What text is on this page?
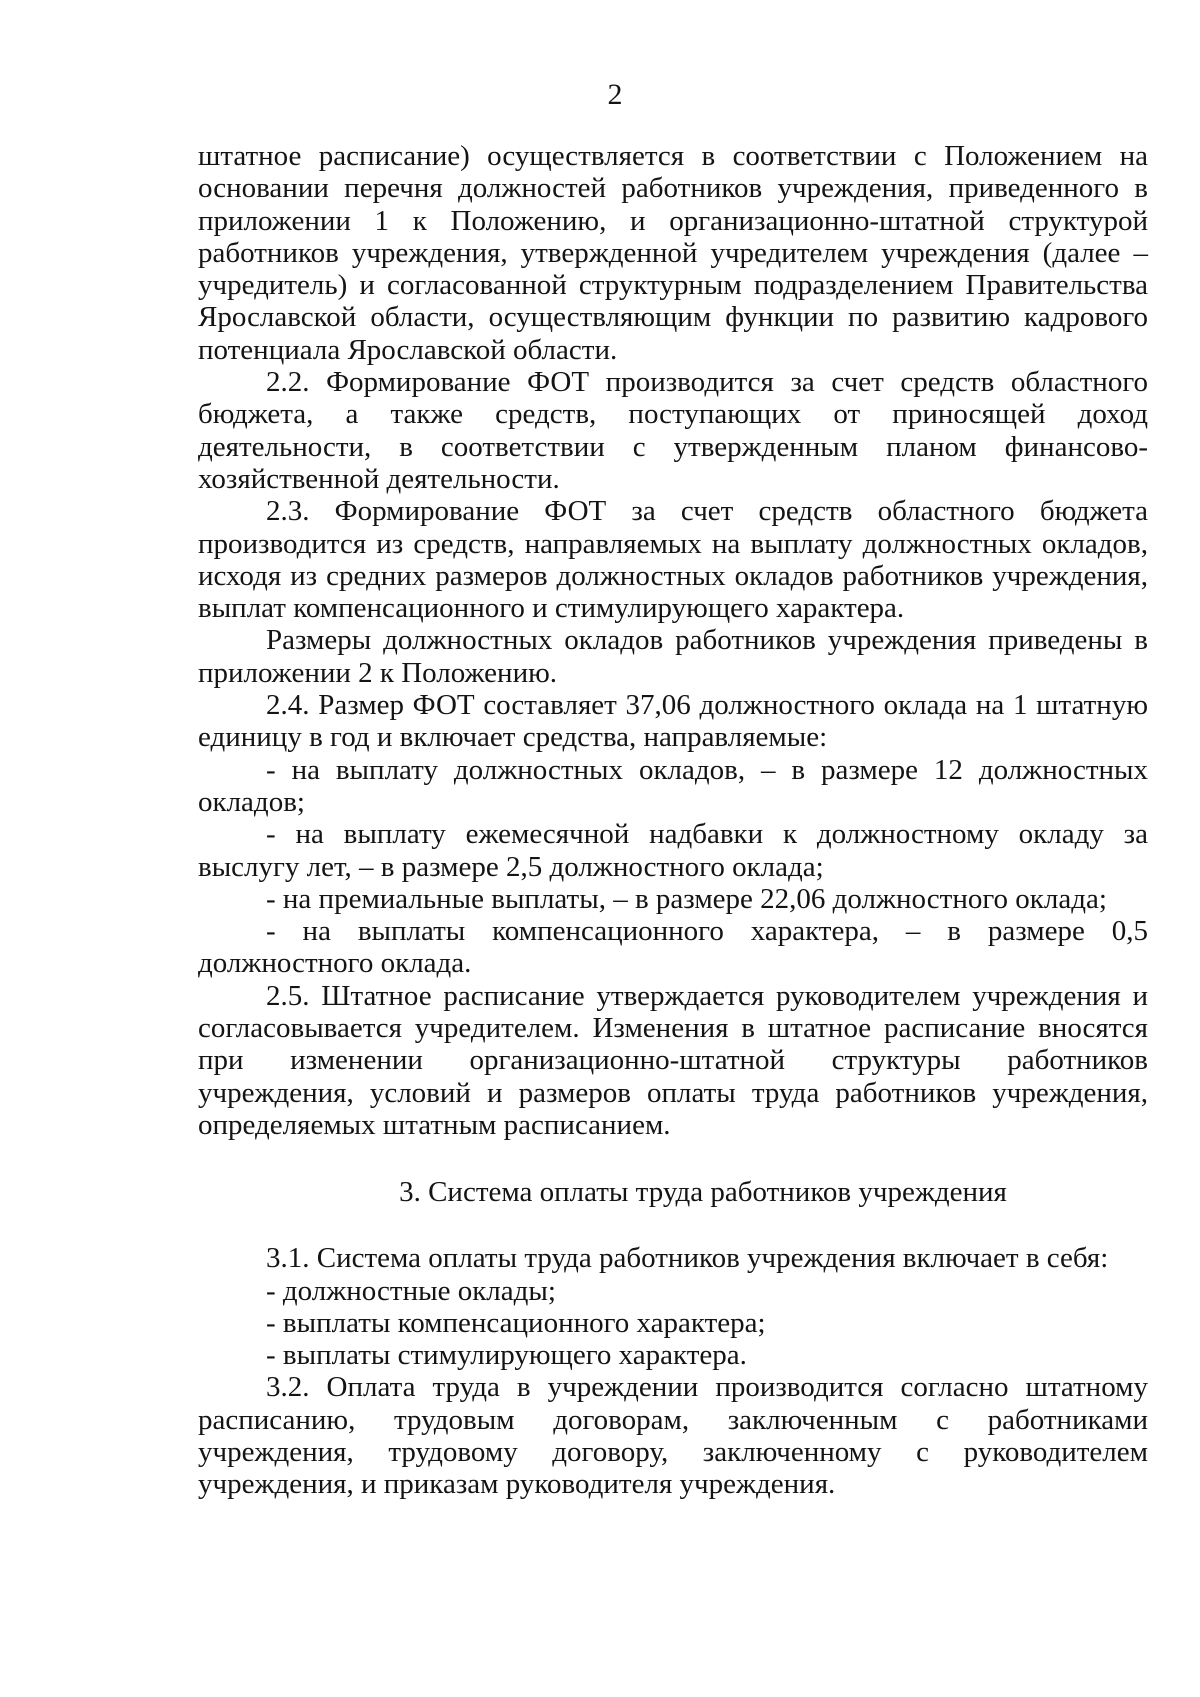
2

штатное расписание) осуществляется в соответствии с Положением на основании перечня должностей работников учреждения, приведенного в приложении 1 к Положению, и организационно-штатной структурой работников учреждения, утвержденной учредителем учреждения (далее – учредитель) и согласованной структурным подразделением Правительства Ярославской области, осуществляющим функции по развитию кадрового потенциала Ярославской области.

2.2. Формирование ФОТ производится за счет средств областного бюджета, а также средств, поступающих от приносящей доход деятельности, в соответствии с утвержденным планом финансово-хозяйственной деятельности.

2.3. Формирование ФОТ за счет средств областного бюджета производится из средств, направляемых на выплату должностных окладов, исходя из средних размеров должностных окладов работников учреждения, выплат компенсационного и стимулирующего характера.

Размеры должностных окладов работников учреждения приведены в приложении 2 к Положению.

2.4. Размер ФОТ составляет 37,06 должностного оклада на 1 штатную единицу в год и включает средства, направляемые:

- на выплату должностных окладов, – в размере 12 должностных окладов;

- на выплату ежемесячной надбавки к должностному окладу за выслугу лет, – в размере 2,5 должностного оклада;

- на премиальные выплаты, – в размере 22,06 должностного оклада;

- на выплаты компенсационного характера, – в размере 0,5 должностного оклада.

2.5. Штатное расписание утверждается руководителем учреждения и согласовывается учредителем. Изменения в штатное расписание вносятся при изменении организационно-штатной структуры работников учреждения, условий и размеров оплаты труда работников учреждения, определяемых штатным расписанием.

3. Система оплаты труда работников учреждения

3.1. Система оплаты труда работников учреждения включает в себя:

- должностные оклады;

- выплаты компенсационного характера;

- выплаты стимулирующего характера.

3.2. Оплата труда в учреждении производится согласно штатному расписанию, трудовым договорам, заключенным с работниками учреждения, трудовому договору, заключенному с руководителем учреждения, и приказам руководителя учреждения.
